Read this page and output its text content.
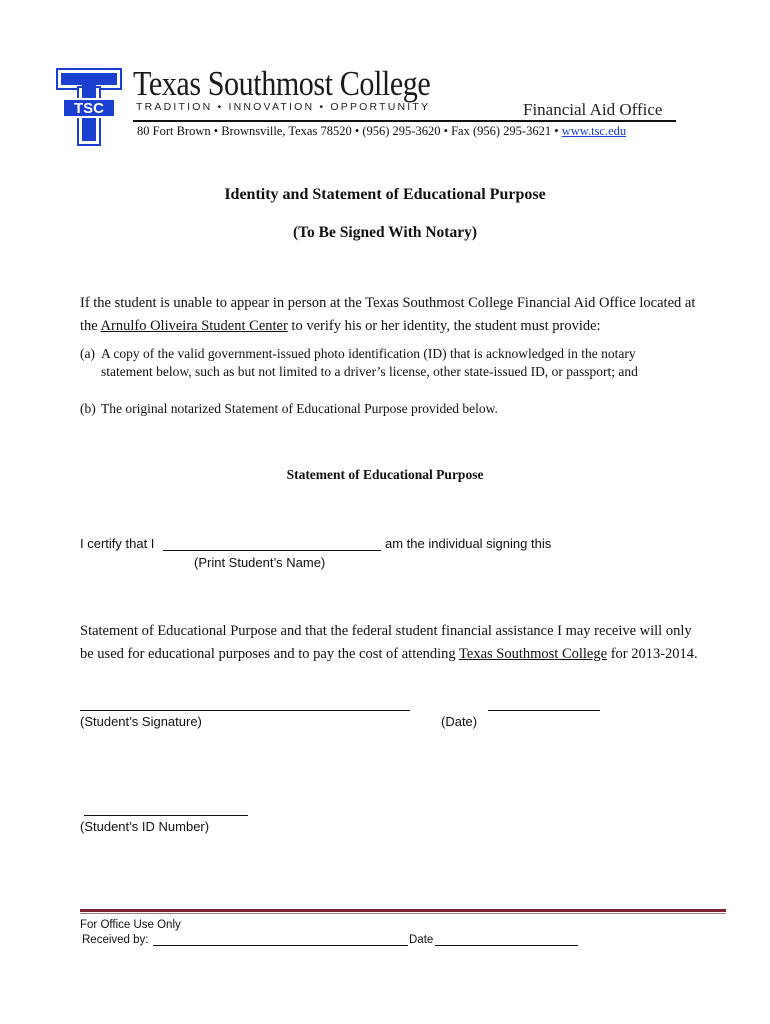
TSC
Texas Southmost College
TRADITION • INNOVATION • OPPORTUNITY	Financial Aid Office
80 Fort Brown • Brownsville, Texas 78520 • (956) 295-3620 • Fax (956) 295-3621 • www.tsc.edu
Identity and Statement of Educational Purpose
(To Be Signed With Notary)
If the student is unable to appear in person at the Texas Southmost College Financial Aid Office located at
the Arnulfo Oliveira Student Center to verify his or her identity, the student must provide:
(a) A copy of the valid government-issued photo identification (ID) that is acknowledged in the notary
statement below, such as but not limited to a driver’s license, other state-issued ID, or passport; and
(b) The original notarized Statement of Educational Purpose provided below.
Statement of Educational Purpose
I certify that I	am the individual signing this
(Print Student’s Name)
Statement of Educational Purpose and that the federal student financial assistance I may receive will only
be used for educational purposes and to pay the cost of attending Texas Southmost College for 2013-2014.
(Student’s Signature)	(Date)
(Student’s ID Number)
For Office Use Only
Received by:	Date
